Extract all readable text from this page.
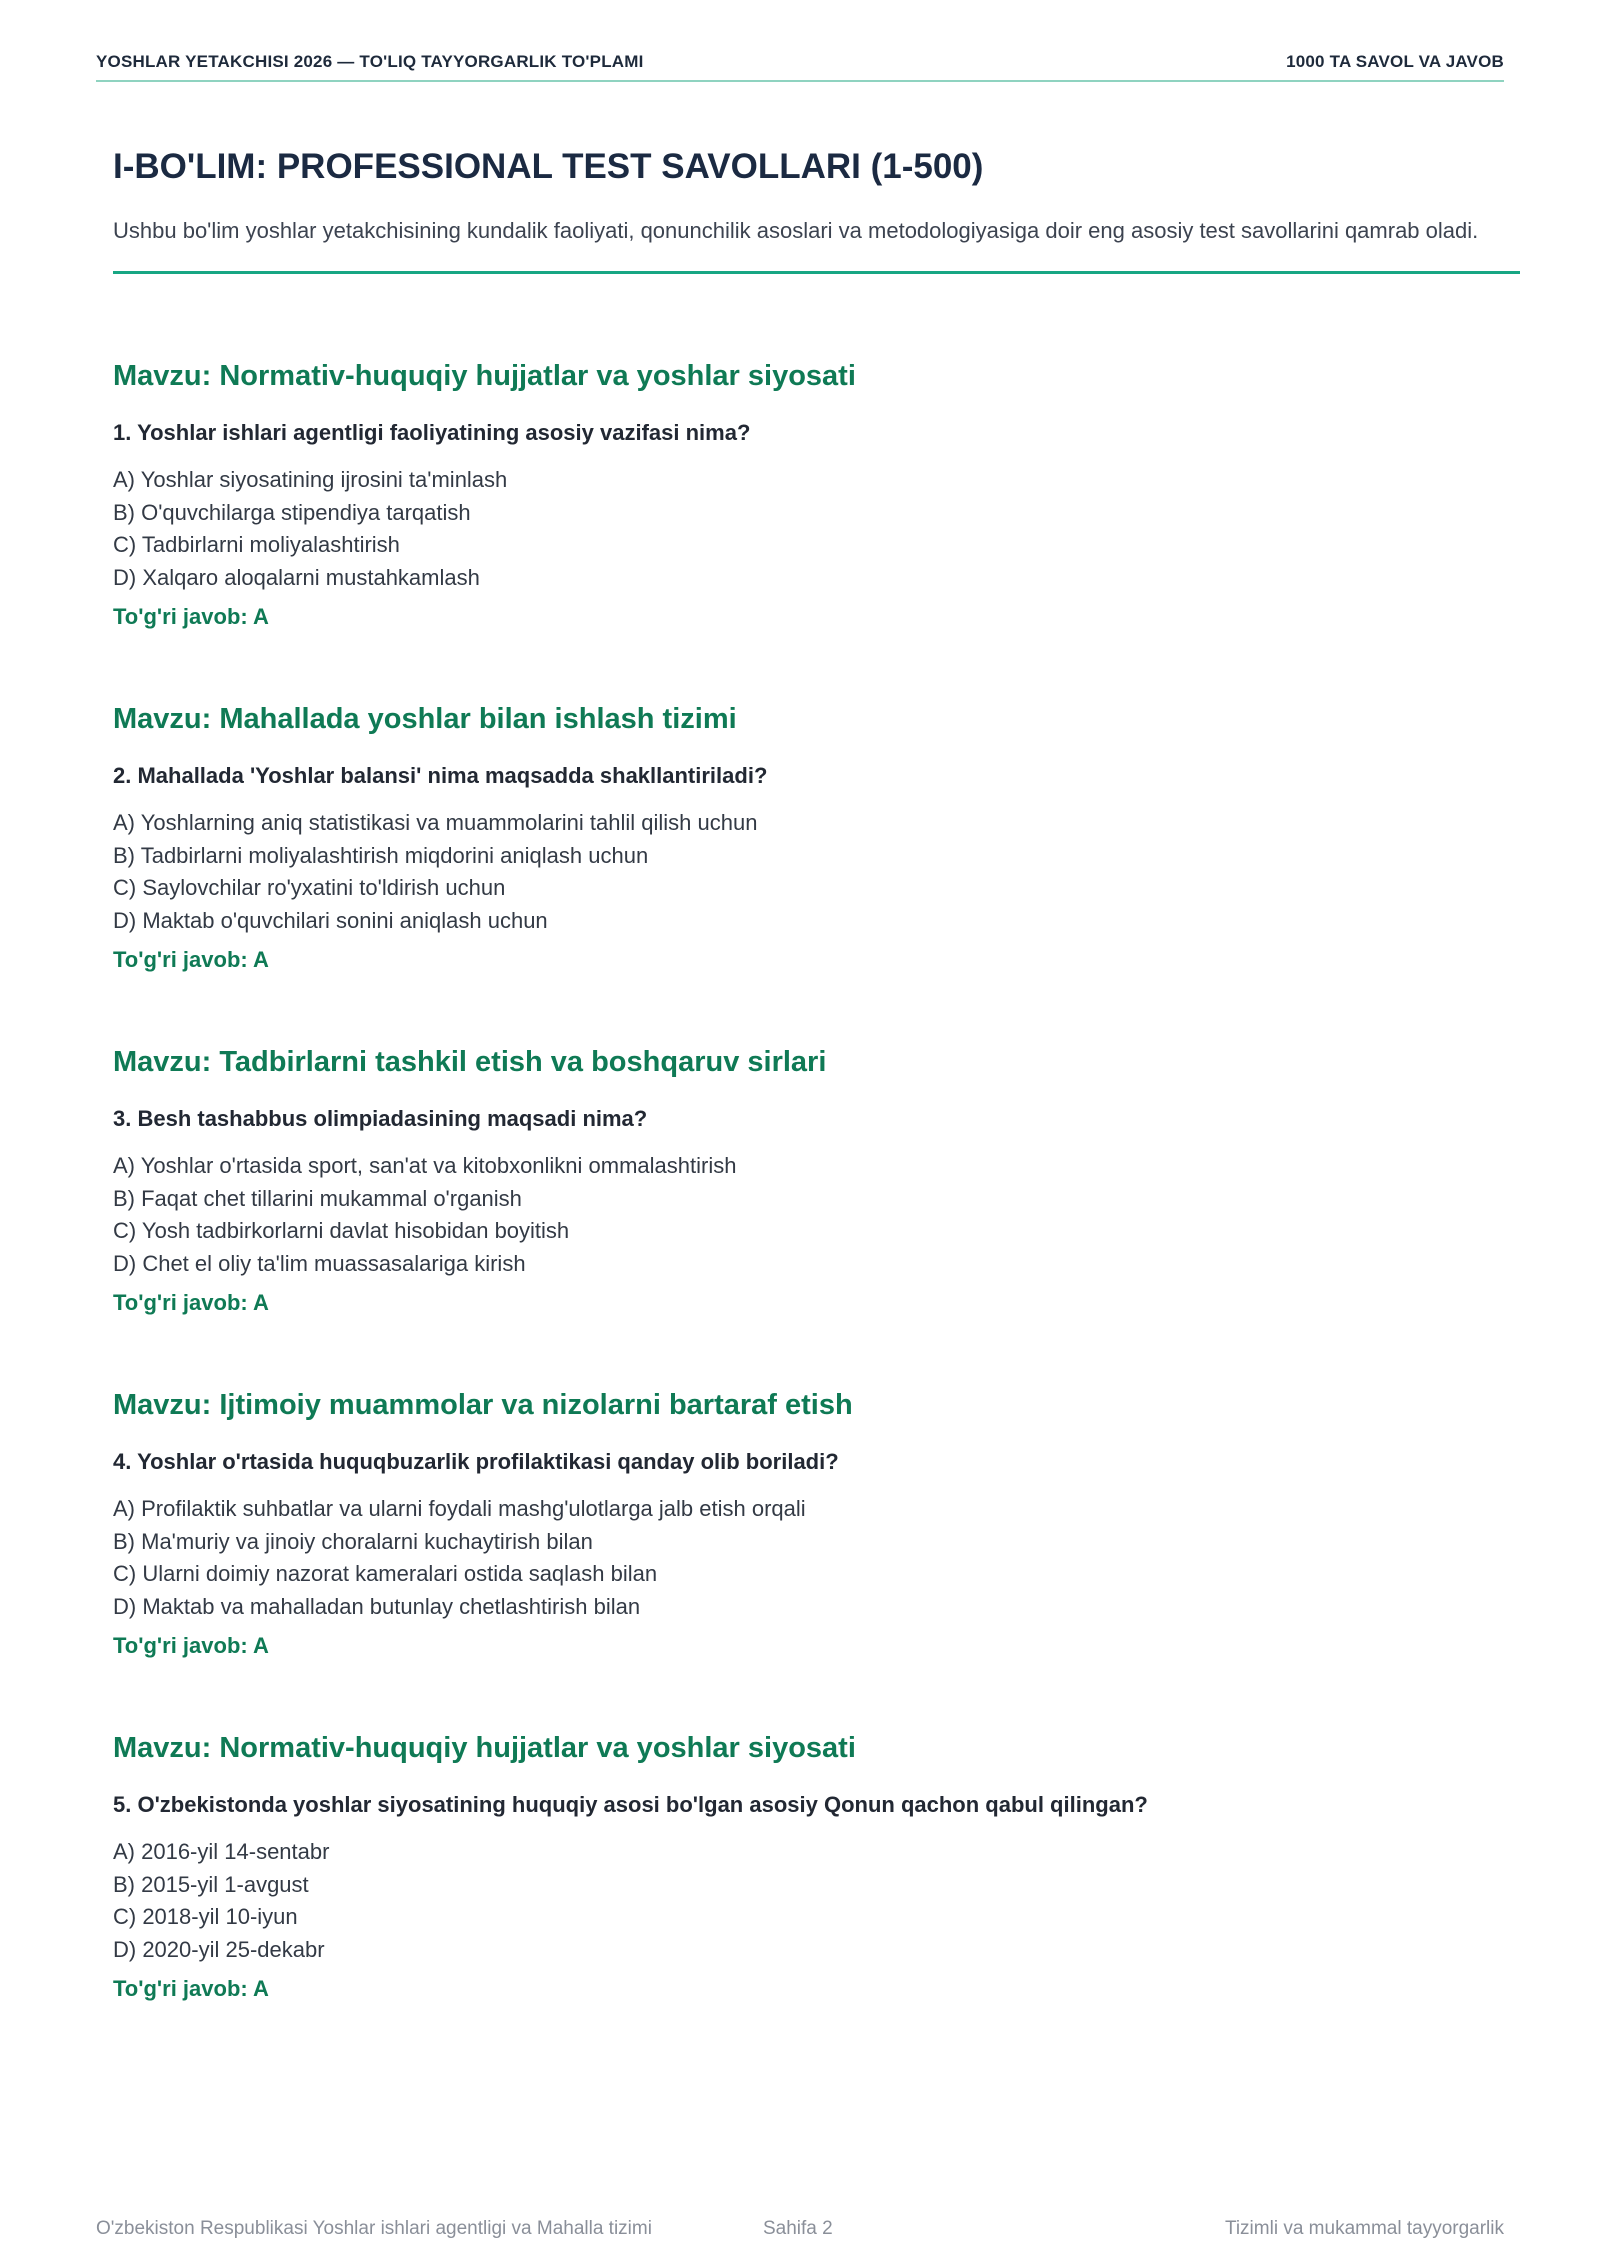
YOSHLAR YETAKCHISI 2026 — TO'LIQ TAYYORGARLIK TO'PLAMI	1000 TA SAVOL VA JAVOB
I-BO'LIM: PROFESSIONAL TEST SAVOLLARI (1-500)

Ushbu bo'lim yoshlar yetakchisining kundalik faoliyati, qonunchilik asoslari va metodologiyasiga doir eng asosiy test savollarini qamrab oladi.

Mavzu: Normativ-huquqiy hujjatlar va yoshlar siyosati

1. Yoshlar ishlari agentligi faoliyatining asosiy vazifasi nima?

A) Yoshlar siyosatining ijrosini ta'minlash
B) O'quvchilarga stipendiya tarqatish
C) Tadbirlarni moliyalashtirish
D) Xalqaro aloqalarni mustahkamlash

To'g'ri javob: A

Mavzu: Mahallada yoshlar bilan ishlash tizimi

2. Mahallada 'Yoshlar balansi' nima maqsadda shakllantiriladi?

A) Yoshlarning aniq statistikasi va muammolarini tahlil qilish uchun
B) Tadbirlarni moliyalashtirish miqdorini aniqlash uchun
C) Saylovchilar ro'yxatini to'ldirish uchun
D) Maktab o'quvchilari sonini aniqlash uchun

To'g'ri javob: A

Mavzu: Tadbirlarni tashkil etish va boshqaruv sirlari

3. Besh tashabbus olimpiadasining maqsadi nima?

A) Yoshlar o'rtasida sport, san'at va kitobxonlikni ommalashtirish
B) Faqat chet tillarini mukammal o'rganish
C) Yosh tadbirkorlarni davlat hisobidan boyitish
D) Chet el oliy ta'lim muassasalariga kirish

To'g'ri javob: A

Mavzu: Ijtimoiy muammolar va nizolarni bartaraf etish

4. Yoshlar o'rtasida huquqbuzarlik profilaktikasi qanday olib boriladi?

A) Profilaktik suhbatlar va ularni foydali mashg'ulotlarga jalb etish orqali
B) Ma'muriy va jinoiy choralarni kuchaytirish bilan
C) Ularni doimiy nazorat kameralari ostida saqlash bilan
D) Maktab va mahalladan butunlay chetlashtirish bilan

To'g'ri javob: A

Mavzu: Normativ-huquqiy hujjatlar va yoshlar siyosati

5. O'zbekistonda yoshlar siyosatining huquqiy asosi bo'lgan asosiy Qonun qachon qabul qilingan?

A) 2016-yil 14-sentabr
B) 2015-yil 1-avgust
C) 2018-yil 10-iyun
D) 2020-yil 25-dekabr

To'g'ri javob: A

O'zbekiston Respublikasi Yoshlar ishlari agentligi va Mahalla tizimi	Sahifa 2	Tizimli va mukammal tayyorgarlik
